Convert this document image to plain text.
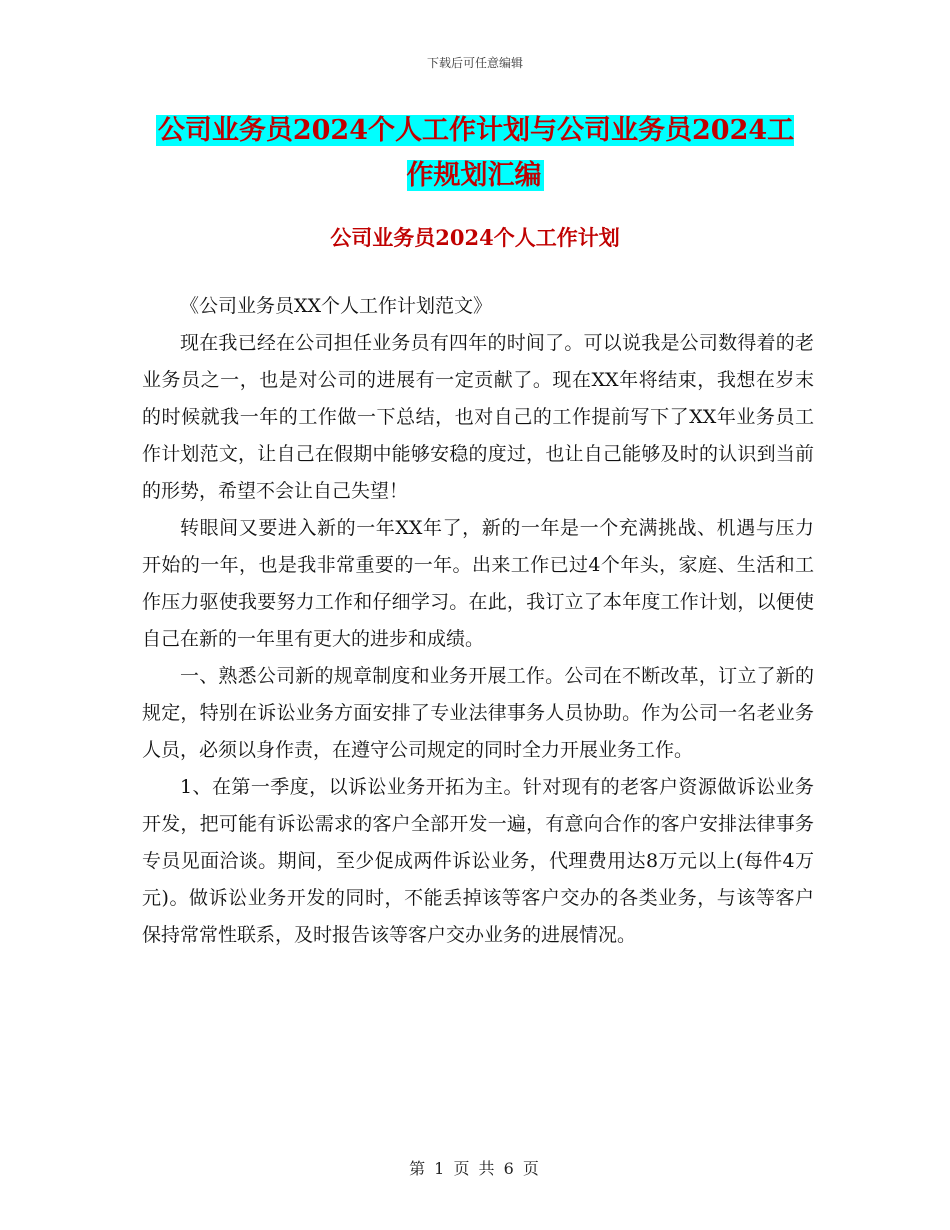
下载后可任意编辑
公司业务员2024个人工作计划与公司业务员2024工作规划汇编
公司业务员2024个人工作计划

《公司业务员XX个人工作计划范文》

现在我已经在公司担任业务员有四年的时间了。可以说我是公司数得着的老业务员之一，也是对公司的进展有一定贡献了。现在XX年将结束，我想在岁末的时候就我一年的工作做一下总结，也对自己的工作提前写下了XX年业务员工作计划范文，让自己在假期中能够安稳的度过，也让自己能够及时的认识到当前的形势，希望不会让自己失望！

转眼间又要进入新的一年XX年了，新的一年是一个充满挑战、机遇与压力开始的一年，也是我非常重要的一年。出来工作已过4个年头，家庭、生活和工作压力驱使我要努力工作和仔细学习。在此，我订立了本年度工作计划，以便使自己在新的一年里有更大的进步和成绩。

一、熟悉公司新的规章制度和业务开展工作。公司在不断改革，订立了新的规定，特别在诉讼业务方面安排了专业法律事务人员协助。作为公司一名老业务人员，必须以身作责，在遵守公司规定的同时全力开展业务工作。

1、在第一季度，以诉讼业务开拓为主。针对现有的老客户资源做诉讼业务开发，把可能有诉讼需求的客户全部开发一遍，有意向合作的客户安排法律事务专员见面洽谈。期间，至少促成两件诉讼业务，代理费用达8万元以上(每件4万元)。做诉讼业务开发的同时，不能丢掉该等客户交办的各类业务，与该等客户保持常常性联系，及时报告该等客户交办业务的进展情况。

第 1 页 共 6 页
